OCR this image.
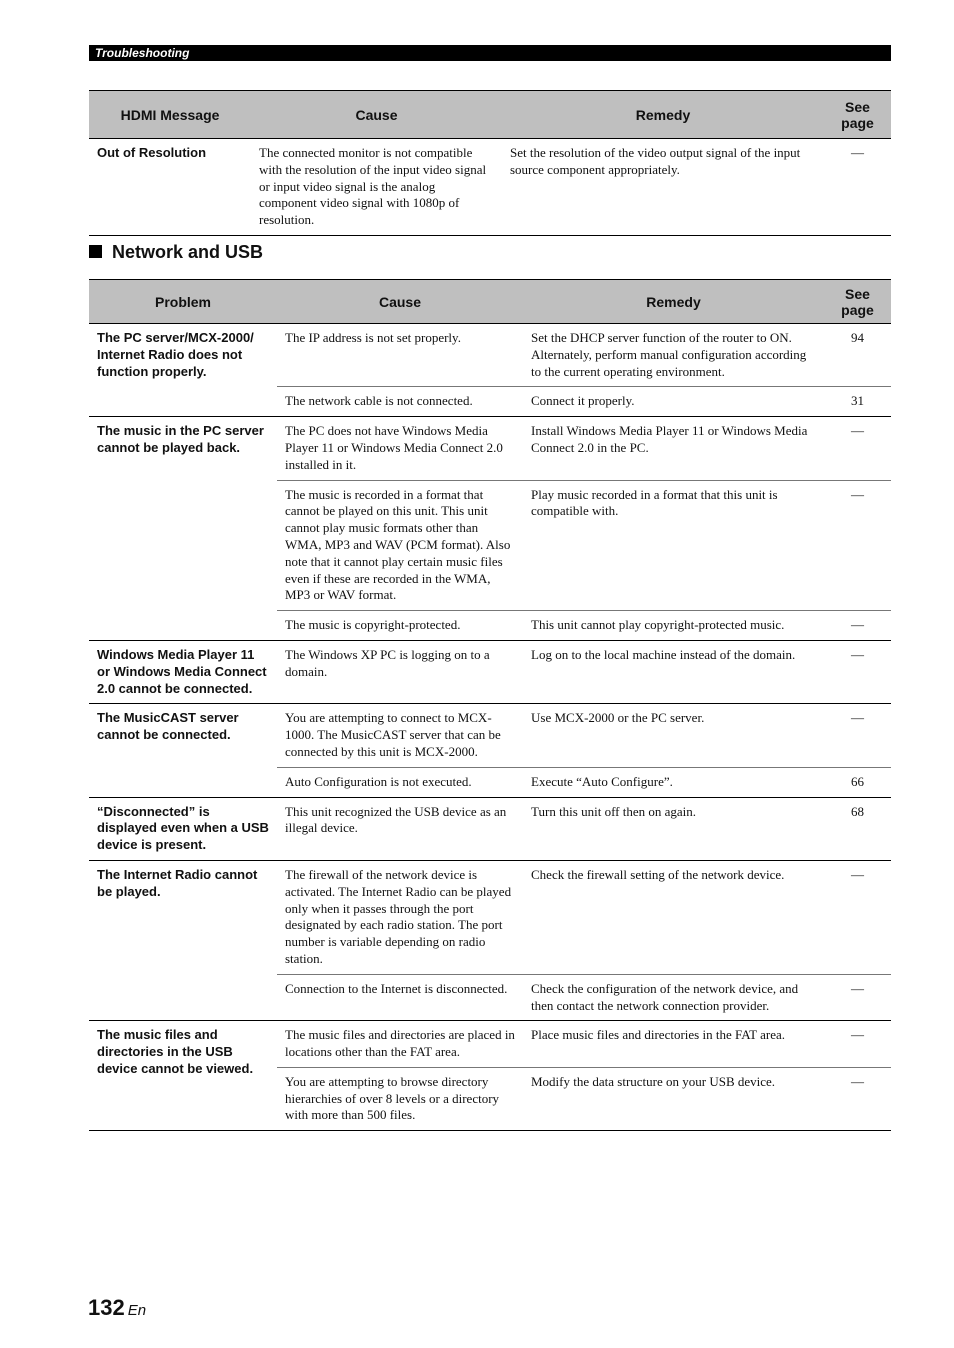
Troubleshooting
HDMI Message	Cause	Remedy	See page
Out of Resolution	The connected monitor is not compatible with the resolution of the input video signal or input video signal is the analog component video signal with 1080p of resolution.	Set the resolution of the video output signal of the input source component appropriately.	—
Network and USB
Problem	Cause	Remedy	See page
The PC server/MCX-2000/ Internet Radio does not function properly.	The IP address is not set properly.	Set the DHCP server function of the router to ON. Alternately, perform manual configuration according to the current operating environment.	94
	The network cable is not connected.	Connect it properly.	31
The music in the PC server cannot be played back.	The PC does not have Windows Media Player 11 or Windows Media Connect 2.0 installed in it.	Install Windows Media Player 11 or Windows Media Connect 2.0 in the PC.	—
	The music is recorded in a format that cannot be played on this unit. This unit cannot play music formats other than WMA, MP3 and WAV (PCM format). Also note that it cannot play certain music files even if these are recorded in the WMA, MP3 or WAV format.	Play music recorded in a format that this unit is compatible with.	—
	The music is copyright-protected.	This unit cannot play copyright-protected music.	—
Windows Media Player 11 or Windows Media Connect 2.0 cannot be connected.	The Windows XP PC is logging on to a domain.	Log on to the local machine instead of the domain.	—
The MusicCAST server cannot be connected.	You are attempting to connect to MCX-1000. The MusicCAST server that can be connected by this unit is MCX-2000.	Use MCX-2000 or the PC server.	—
	Auto Configuration is not executed.	Execute “Auto Configure”.	66
“Disconnected” is displayed even when a USB device is present.	This unit recognized the USB device as an illegal device.	Turn this unit off then on again.	68
The Internet Radio cannot be played.	The firewall of the network device is activated. The Internet Radio can be played only when it passes through the port designated by each radio station. The port number is variable depending on radio station.	Check the firewall setting of the network device.	—
	Connection to the Internet is disconnected.	Check the configuration of the network device, and then contact the network connection provider.	—
The music files and directories in the USB device cannot be viewed.	The music files and directories are placed in locations other than the FAT area.	Place music files and directories in the FAT area.	—
	You are attempting to browse directory hierarchies of over 8 levels or a directory with more than 500 files.	Modify the data structure on your USB device.	—
132 En
